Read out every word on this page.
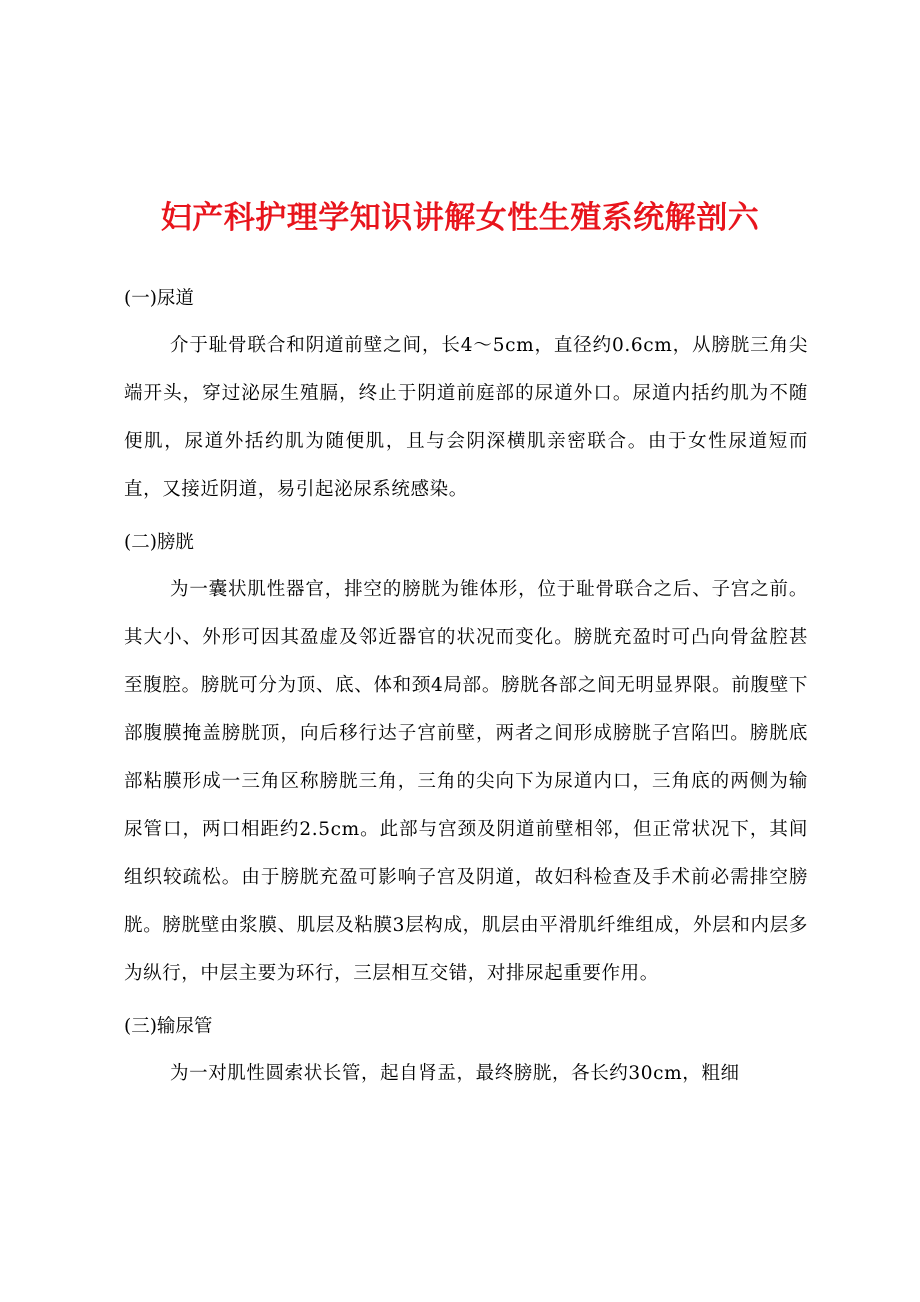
妇产科护理学知识讲解女性生殖系统解剖六
(一)尿道

介于耻骨联合和阴道前壁之间，长4～5cm，直径约0.6cm，从膀胱三角尖端开头，穿过泌尿生殖膈，终止于阴道前庭部的尿道外口。尿道内括约肌为不随便肌，尿道外括约肌为随便肌，且与会阴深横肌亲密联合。由于女性尿道短而直，又接近阴道，易引起泌尿系统感染。

(二)膀胱

为一囊状肌性器官，排空的膀胱为锥体形，位于耻骨联合之后、子宫之前。其大小、外形可因其盈虚及邻近器官的状况而变化。膀胱充盈时可凸向骨盆腔甚至腹腔。膀胱可分为顶、底、体和颈4局部。膀胱各部之间无明显界限。前腹壁下部腹膜掩盖膀胱顶，向后移行达子宫前壁，两者之间形成膀胱子宫陷凹。膀胱底部粘膜形成一三角区称膀胱三角，三角的尖向下为尿道内口，三角底的两侧为输尿管口，两口相距约2.5cm。此部与宫颈及阴道前壁相邻，但正常状况下，其间组织较疏松。由于膀胱充盈可影响子宫及阴道，故妇科检查及手术前必需排空膀胱。膀胱壁由浆膜、肌层及粘膜3层构成，肌层由平滑肌纤维组成，外层和内层多为纵行，中层主要为环行，三层相互交错，对排尿起重要作用。

(三)输尿管

为一对肌性圆索状长管，起自肾盂，最终膀胱，各长约30cm，粗细
